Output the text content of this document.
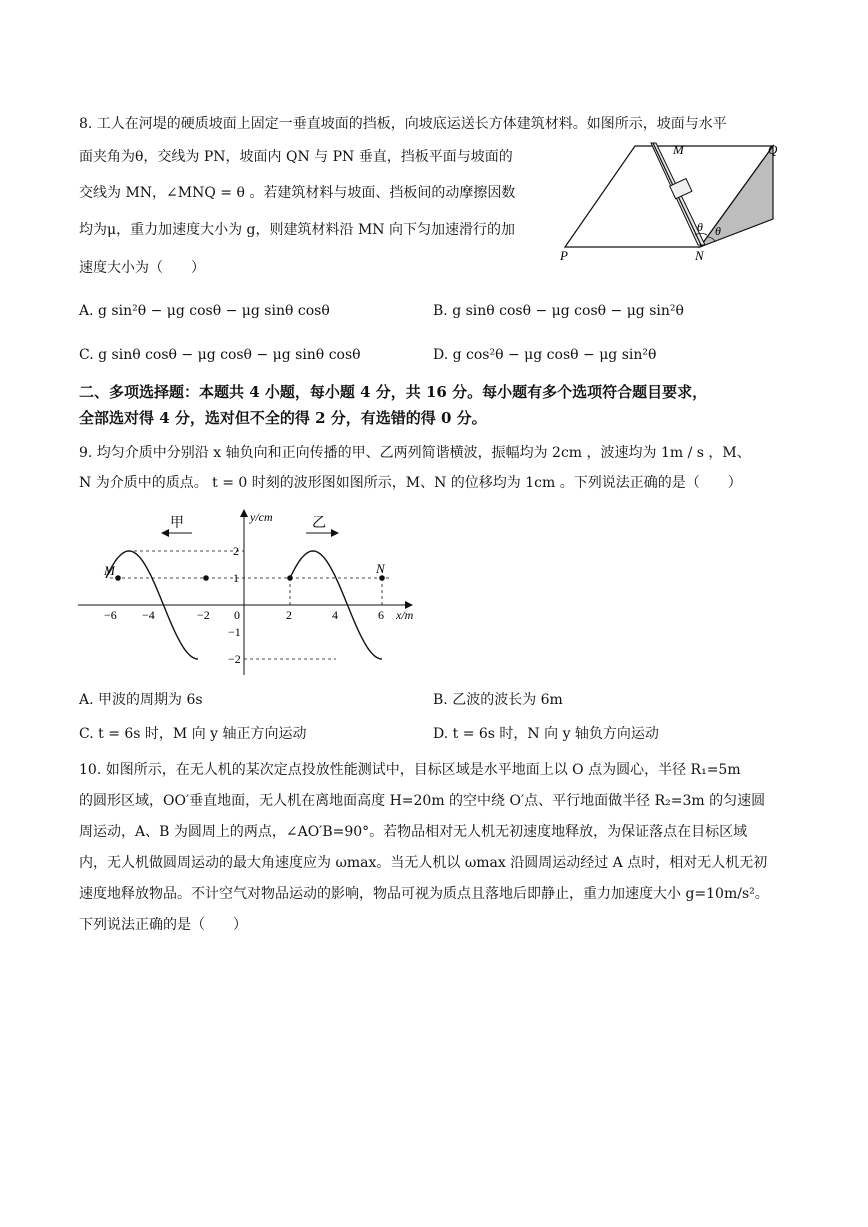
8. 工人在河堤的硬质坡面上固定一垂直坡面的挡板，向坡底运送长方体建筑材料。如图所示，坡面与水平
面夹角为θ，交线为 PN，坡面内 QN 与 PN 垂直，挡板平面与坡面的
交线为 MN，∠MNQ = θ 。若建筑材料与坡面、挡板间的动摩擦因数
均为μ，重力加速度大小为 g，则建筑材料沿 MN 向下匀加速滑行的加
速度大小为（　　）
M	Q
P	N
θ θ
A. g sin²θ − μg cosθ − μg sinθ cosθ	B. g sinθ cosθ − μg cosθ − μg sin²θ
C. g sinθ cosθ − μg cosθ − μg sinθ cosθ	D. g cos²θ − μg cosθ − μg sin²θ
二、多项选择题：本题共 4 小题，每小题 4 分，共 16 分。每小题有多个选项符合题目要求，
全部选对得 4 分，选对但不全的得 2 分，有选错的得 0 分。
9. 均匀介质中分别沿 x 轴负向和正向传播的甲、乙两列简谐横波，振幅均为 2cm ，波速均为 1m / s ，M、
N 为介质中的质点。 t = 0 时刻的波形图如图所示，M、N 的位移均为 1cm 。下列说法正确的是（　　）
甲	乙
y/cm
x/m
−6 −4	−2 0	2	4	6
2
1
−1
−2
M	N
A. 甲波的周期为 6s	B. 乙波的波长为 6m
C. t = 6s 时，M 向 y 轴正方向运动	D. t = 6s 时，N 向 y 轴负方向运动
10. 如图所示，在无人机的某次定点投放性能测试中，目标区域是水平地面上以 O 点为圆心，半径 R₁=5m
的圆形区域，OO′垂直地面，无人机在离地面高度 H=20m 的空中绕 O′点、平行地面做半径 R₂=3m 的匀速圆
周运动，A、B 为圆周上的两点，∠AO′B=90°。若物品相对无人机无初速度地释放，为保证落点在目标区域
内，无人机做圆周运动的最大角速度应为 ωmax。当无人机以 ωmax 沿圆周运动经过 A 点时，相对无人机无初
速度地释放物品。不计空气对物品运动的影响，物品可视为质点且落地后即静止，重力加速度大小 g=10m/s²。
下列说法正确的是（　　）
